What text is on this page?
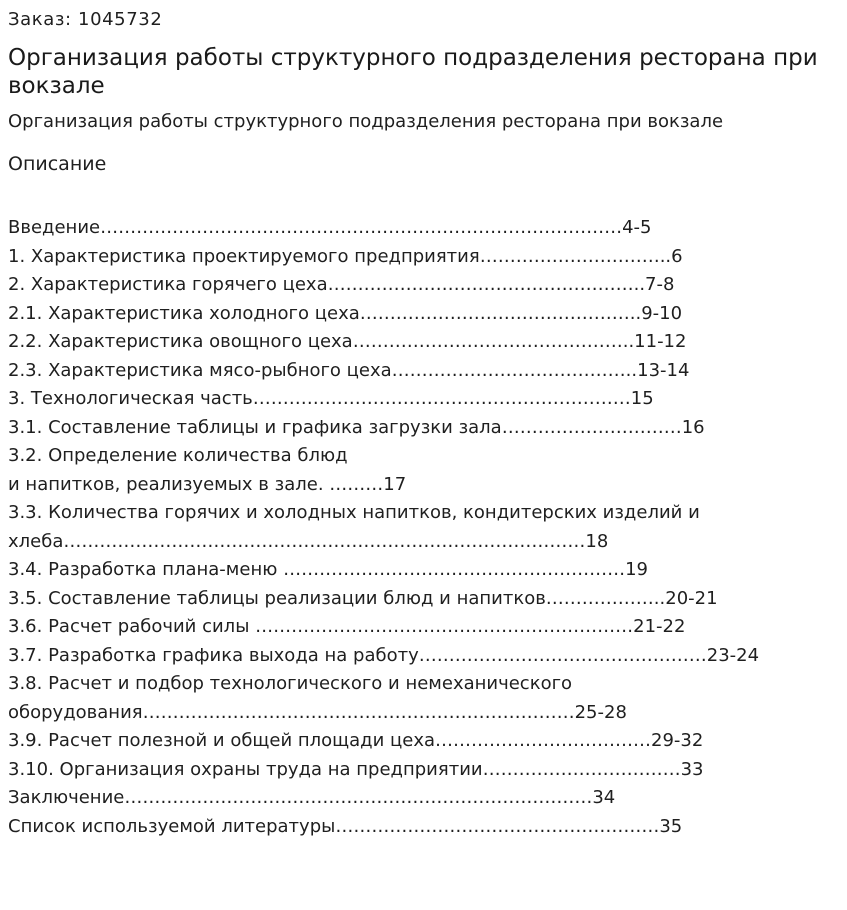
Заказ: 1045732

Организация работы структурного подразделения ресторана при вокзале

Организация работы структурного подразделения ресторана при вокзале

Описание

Введение……………………………………………………………………………4-5
1. Характеристика проектируемого предприятия…………………………..6
2. Характеристика горячего цеха……………………………………………..7-8
2.1. Характеристика холодного цеха………………………………………..9-10
2.2. Характеристика овощного цеха………………………………………..11-12
2.3. Характеристика мясо-рыбного цеха…………………………………..13-14
3. Технологическая часть………………………………………………………15
3.1. Составление таблицы и графика загрузки зала…………………………16
3.2. Определение количества блюд
и напитков, реализуемых в зале. ………17
3.3. Количества горячих и холодных напитков, кондитерских изделий и
хлеба……………………………………………………………………………18
3.4. Разработка плана-меню …………………………………………………19
3.5. Составление таблицы реализации блюд и напитков………………..20-21
3.6. Расчет рабочий силы ………………………………………………………21-22
3.7. Разработка графика выхода на работу…………………………………………23-24
3.8. Расчет и подбор технологического и немеханического
оборудования………………………………………………………………25-28
3.9. Расчет полезной и общей площади цеха………………………………29-32
3.10. Организация охраны труда на предприятии……………………………33
Заключение……………………………………………………………………34
Список используемой литературы………………………………………………35
